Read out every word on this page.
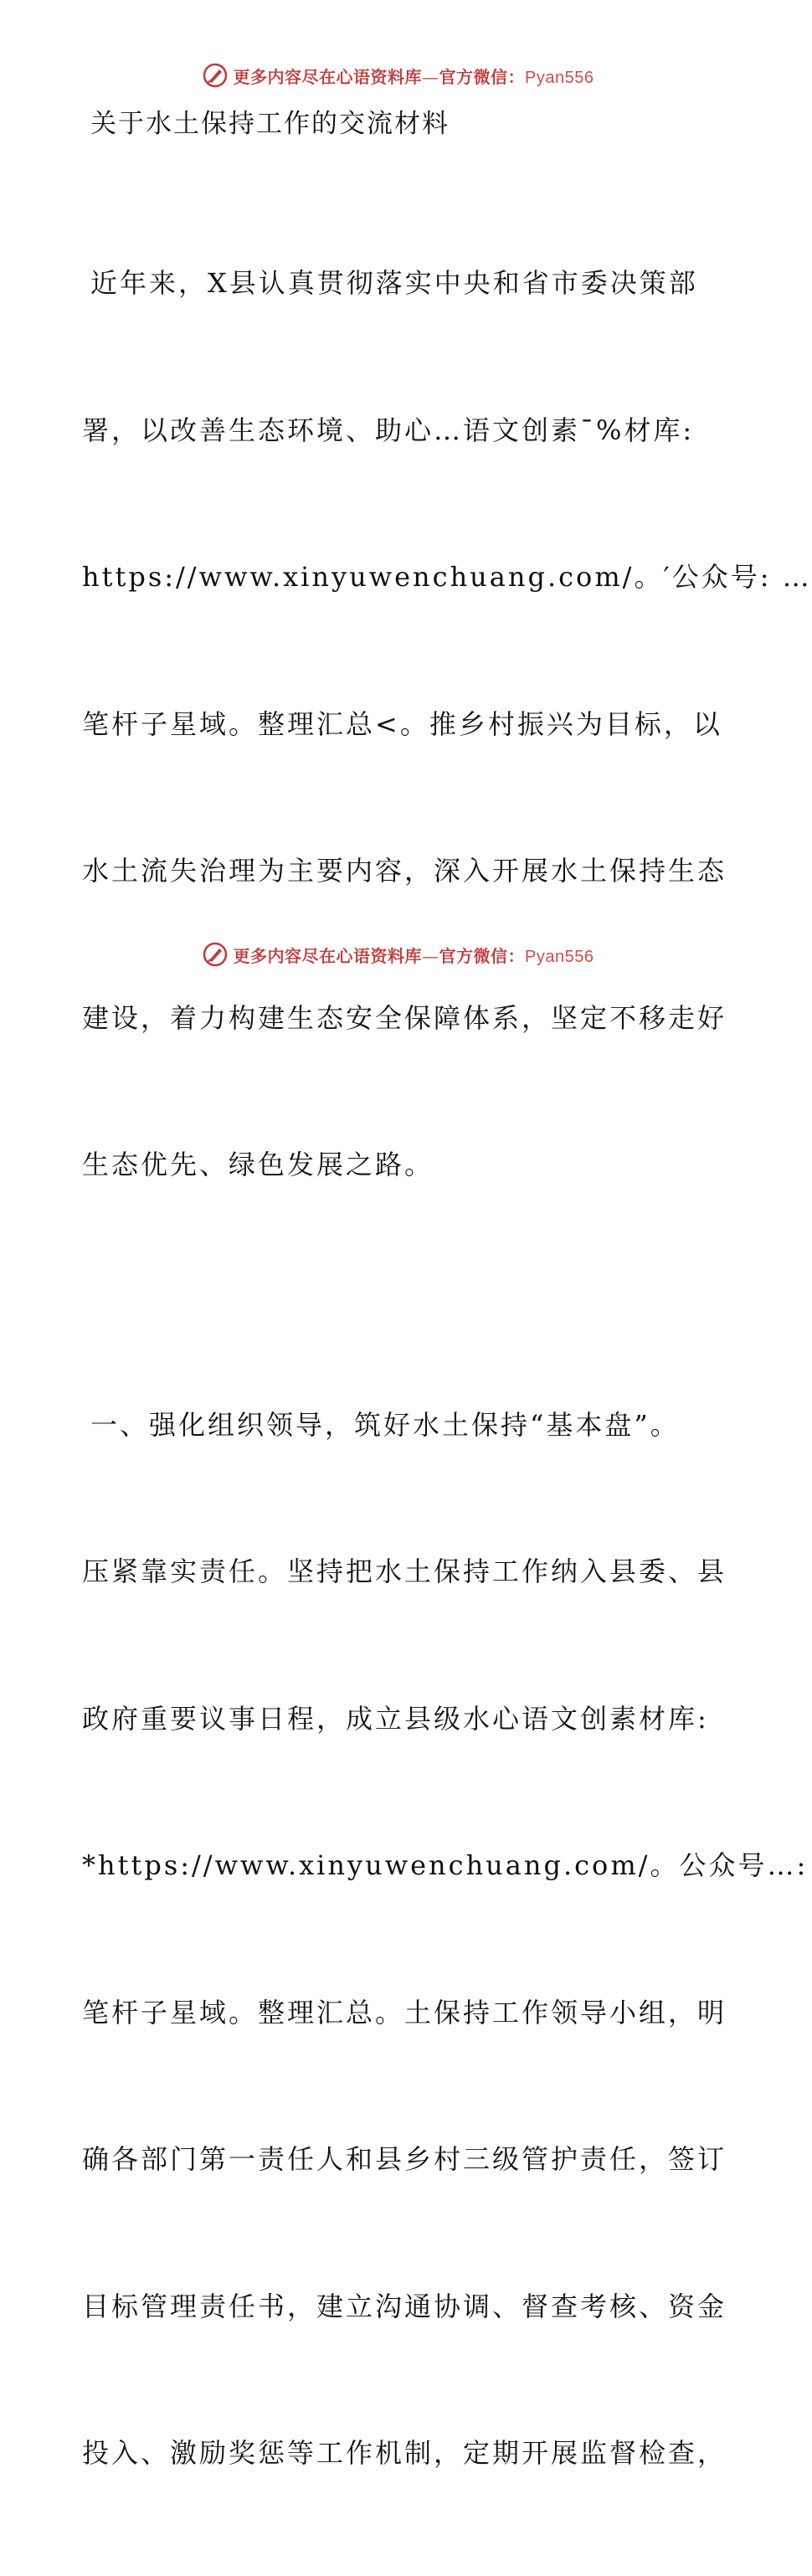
更多内容尽在心语资料库—官方微信：Pyan556
关于水土保持工作的交流材料

近年来，X县认真贯彻落实中央和省市委决策部

署，以改善生态环境、助心…语文创素¯%材库:

https://www.xinyuwenchuang.com/。′公众号: …

笔杆子星域。整理汇总<。推乡村振兴为目标，以

水土流失治理为主要内容，深入开展水土保持生态

建设，着力构建生态安全保障体系，坚定不移走好

生态优先、绿色发展之路。

一、强化组织领导，筑好水土保持“基本盘”。

压紧靠实责任。坚持把水土保持工作纳入县委、县

政府重要议事日程，成立县级水心语文创素材库:

*https://www.xinyuwenchuang.com/。公众号…:

笔杆子星域。整理汇总。土保持工作领导小组，明

确各部门第一责任人和县乡村三级管护责任，签订

目标管理责任书，建立沟通协调、督查考核、资金

投入、激励奖惩等工作机制，定期开展监督检查，

更多内容尽在心语资料库—官方微信：Pyan556
